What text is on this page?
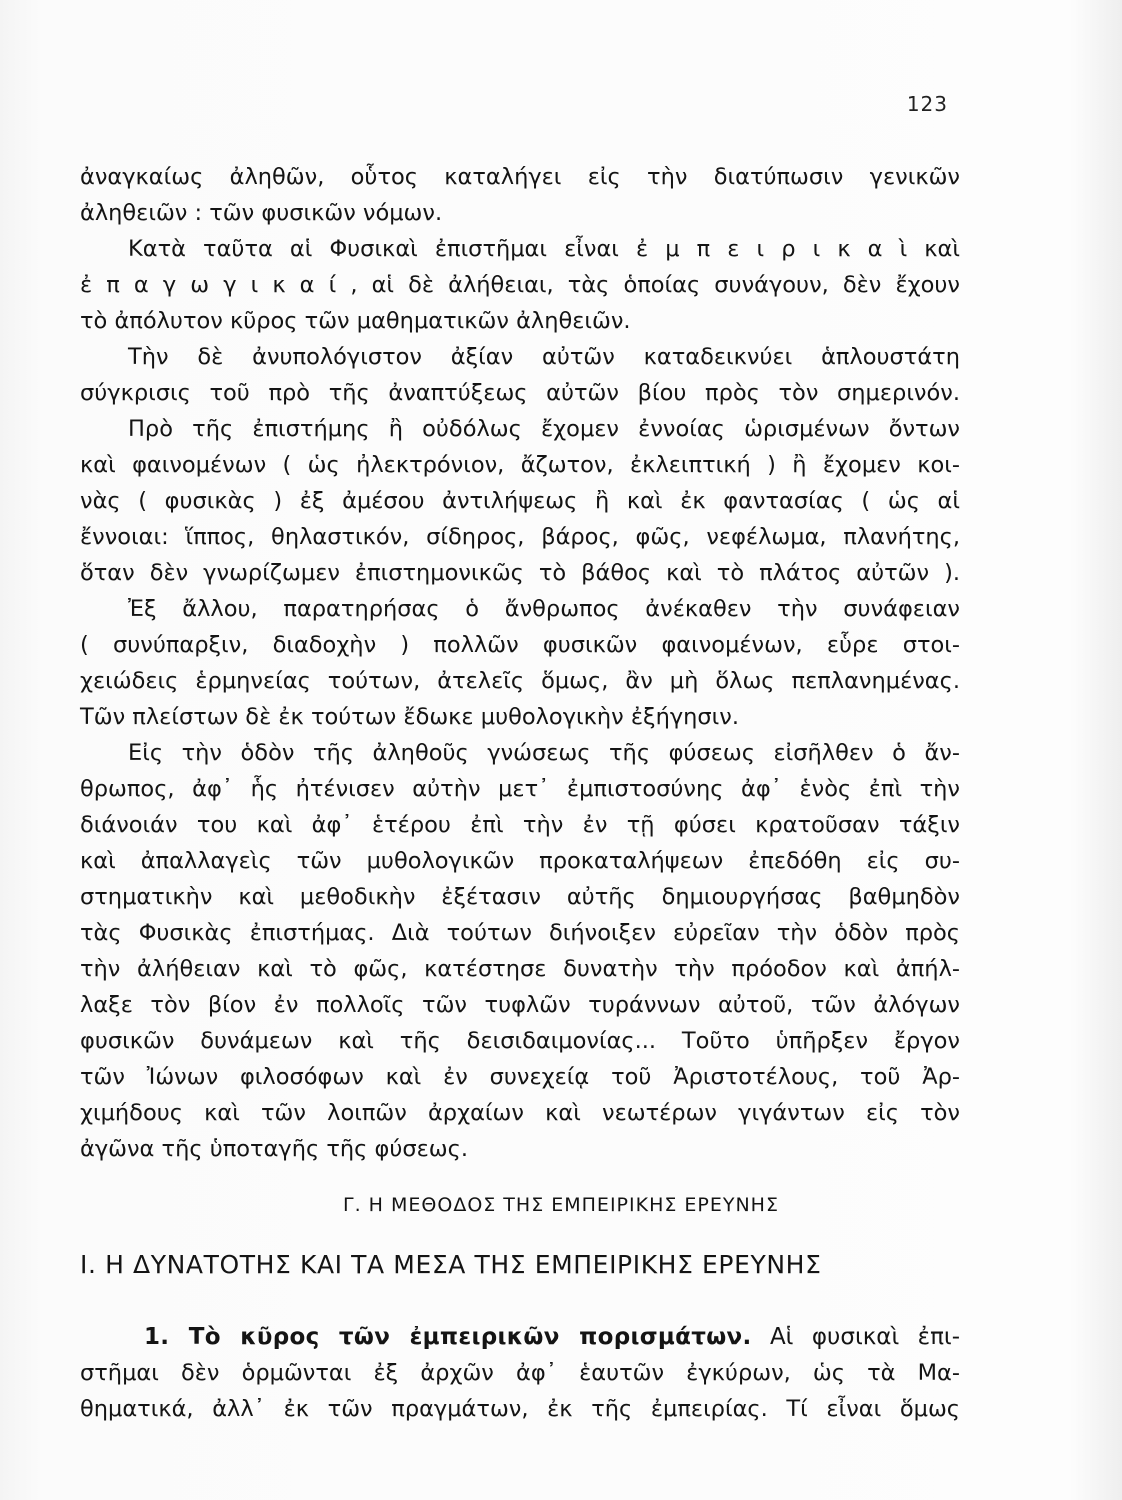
123
ἀναγκαίως ἀληθῶν, οὗτος καταλήγει εἰς τὴν διατύπωσιν γενικῶν
ἀληθειῶν : τῶν φυσικῶν νόμων.
Κατὰ ταῦτα αἱ Φυσικαὶ ἐπιστῆμαι εἶναι ἐ μ π ε ι ρ ι κ α ὶ καὶ
ἐ π α γ ω γ ι κ α ί , αἱ δὲ ἀλήθειαι, τὰς ὁποίας συνάγουν, δὲν ἔχουν
τὸ ἀπόλυτον κῦρος τῶν μαθηματικῶν ἀληθειῶν.
Τὴν δὲ ἀνυπολόγιστον ἀξίαν αὐτῶν καταδεικνύει ἁπλουστάτη
σύγκρισις τοῦ πρὸ τῆς ἀναπτύξεως αὐτῶν βίου πρὸς τὸν σημερινόν.
Πρὸ τῆς ἐπιστήμης ἢ οὐδόλως ἔχομεν ἐννοίας ὡρισμένων ὄντων
καὶ φαινομένων ( ὡς ἠλεκτρόνιον, ἄζωτον, ἐκλειπτική ) ἢ ἔχομεν κοι-
νὰς ( φυσικὰς ) ἐξ ἀμέσου ἀντιλήψεως ἢ καὶ ἐκ φαντασίας ( ὡς αἱ
ἔννοιαι: ἵππος, θηλαστικόν, σίδηρος, βάρος, φῶς, νεφέλωμα, πλανήτης,
ὅταν δὲν γνωρίζωμεν ἐπιστημονικῶς τὸ βάθος καὶ τὸ πλάτος αὐτῶν ).
Ἐξ ἄλλου, παρατηρήσας ὁ ἄνθρωπος ἀνέκαθεν τὴν συνάφειαν
( συνύπαρξιν, διαδοχὴν ) πολλῶν φυσικῶν φαινομένων, εὗρε στοι-
χειώδεις ἑρμηνείας τούτων, ἀτελεῖς ὅμως, ἂν μὴ ὅλως πεπλανημένας.
Τῶν πλείστων δὲ ἐκ τούτων ἔδωκε μυθολογικὴν ἐξήγησιν.
Εἰς τὴν ὁδὸν τῆς ἀληθοῦς γνώσεως τῆς φύσεως εἰσῆλθεν ὁ ἄν-
θρωπος, ἀφ᾽ ἧς ἠτένισεν αὐτὴν μετ᾽ ἐμπιστοσύνης ἀφ᾽ ἑνὸς ἐπὶ τὴν
διάνοιάν του καὶ ἀφ᾽ ἑτέρου ἐπὶ τὴν ἐν τῇ φύσει κρατοῦσαν τάξιν
καὶ ἀπαλλαγεὶς τῶν μυθολογικῶν προκαταλήψεων ἐπεδόθη εἰς συ-
στηματικὴν καὶ μεθοδικὴν ἐξέτασιν αὐτῆς δημιουργήσας βαθμηδὸν
τὰς Φυσικὰς ἐπιστήμας. Διὰ τούτων διήνοιξεν εὐρεῖαν τὴν ὁδὸν πρὸς
τὴν ἀλήθειαν καὶ τὸ φῶς, κατέστησε δυνατὴν τὴν πρόοδον καὶ ἀπήλ-
λαξε τὸν βίον ἐν πολλοῖς τῶν τυφλῶν τυράννων αὐτοῦ, τῶν ἀλόγων
φυσικῶν δυνάμεων καὶ τῆς δεισιδαιμονίας... Τοῦτο ὑπῆρξεν ἔργον
τῶν Ἰώνων φιλοσόφων καὶ ἐν συνεχείᾳ τοῦ Ἀριστοτέλους, τοῦ Ἀρ-
χιμήδους καὶ τῶν λοιπῶν ἀρχαίων καὶ νεωτέρων γιγάντων εἰς τὸν
ἀγῶνα τῆς ὑποταγῆς τῆς φύσεως.
Γ. Η ΜΕΘΟΔΟΣ ΤΗΣ ΕΜΠΕΙΡΙΚΗΣ ΕΡΕΥΝΗΣ
Ι. Η ΔΥΝΑΤΟΤΗΣ ΚΑΙ ΤΑ ΜΕΣΑ ΤΗΣ ΕΜΠΕΙΡΙΚΗΣ ΕΡΕΥΝΗΣ
1. Τὸ κῦρος τῶν ἐμπειρικῶν πορισμάτων. Αἱ φυσικαὶ ἐπι-
στῆμαι δὲν ὁρμῶνται ἐξ ἀρχῶν ἀφ᾽ ἑαυτῶν ἐγκύρων, ὡς τὰ Μα-
θηματικά, ἀλλ᾽ ἐκ τῶν πραγμάτων, ἐκ τῆς ἐμπειρίας. Τί εἶναι ὅμως
